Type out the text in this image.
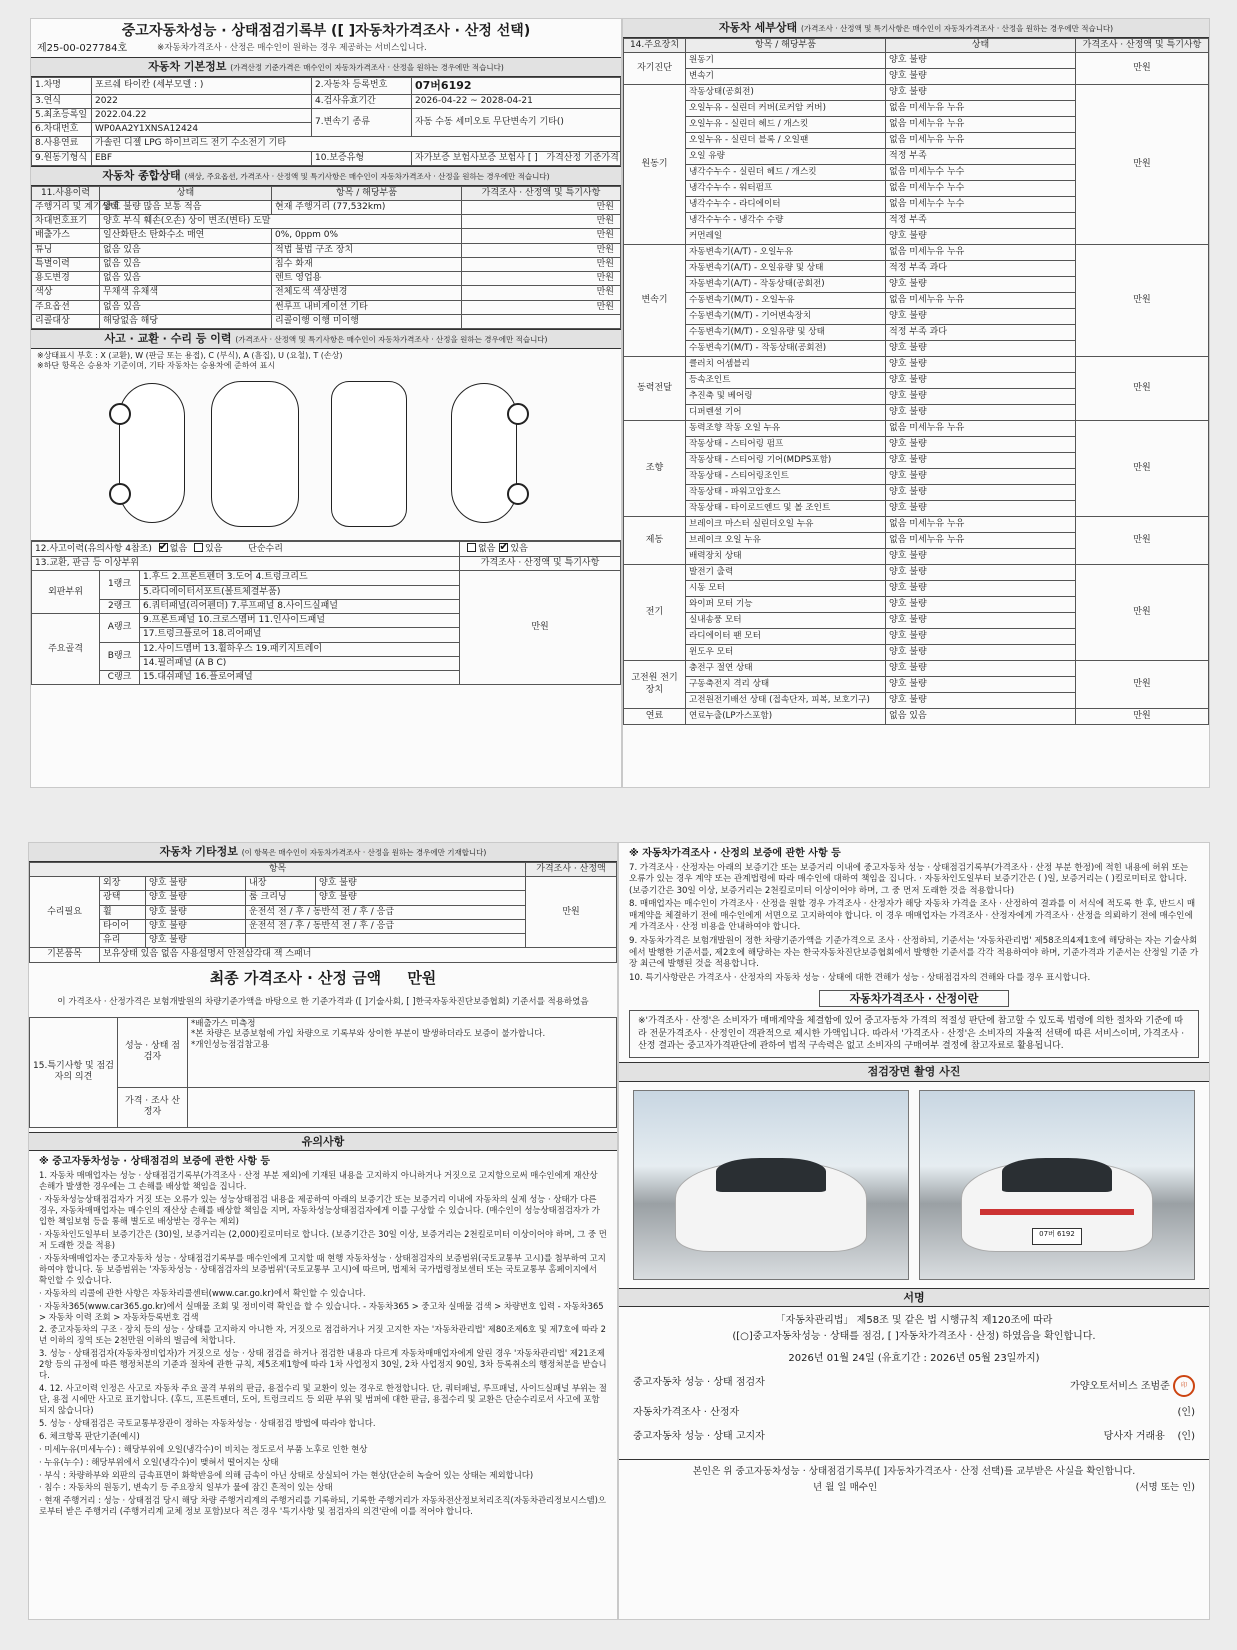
중고자동차성능 · 상태점검기록부 ([ ]자동차가격조사 · 산정 선택)
제25-00-027784호	※자동차가격조사 · 산정은 매수인이 원하는 경우 제공하는 서비스입니다.
자동차 기본정보 (가격산정 기준가격은 매수인이 자동차가격조사 · 산정을 원하는 경우에만 적습니다)
1.차명	포르쉐 타이칸 (세부모델 : )	2.자동차 등록번호	07버6192
3.연식	2022	4.검사유효기간	2026-04-22 ~ 2028-04-21
5.최초등록일	2022.04.22	7.변속기 종류	자동 수동 세미오토 무단변속기 기타()
6.차대번호	WP0AA2Y1XNSA12424		
8.사용연료	가솔린 디젤 LPG 하이브리드 전기 수소전기 기타		
9.원동기형식	EBF	10.보증유형	자가보증 보험사보증 보험사 [ ] 가격산정 기준가격
자동차 종합상태 (색상, 주요옵션, 가격조사 · 산정액 및 특기사항은 매수인이 자동차가격조사 · 산정을 원하는 경우에만 적습니다)
11.사용이력	상태	항목 / 해당부품	가격조사 · 산정액 및 특기사항
주행거리 및 계기상태	양호 불량 많음 보통 적음	현재 주행거리 (77,532km)	만원
차대번호표기	양호 부식 훼손(오손) 상이 변조(변타) 도말		만원
배출가스	일산화탄소 탄화수소 매연	0%, 0ppm 0%	만원
튜닝	없음 있음	적법 불법 구조 장치	만원
특별이력	없음 있음	침수 화재	만원
용도변경	없음 있음	렌트 영업용	만원
색상	무채색 유채색	전체도색 색상변경	만원
주요옵션	없음 있음	썬루프 내비게이션 기타	만원
리콜대상	해당없음 해당	리콜이행 이행 미이행	
사고 · 교환 · 수리 등 이력 (가격조사 · 산정액 및 특기사항은 매수인이 자동차가격조사 · 산정을 원하는 경우에만 적습니다)
※상태표시 부호 : X (교환), W (판금 또는 용접), C (부식), A (흠집), U (요철), T (손상)
※하단 항목은 승용차 기준이며, 기타 자동차는 승용차에 준하여 표시
12.사고이력(유의사항 4참조) ✔ 없음 있음 단순수리			없음 ✔ 있음
13.교환, 판금 등 이상부위			가격조사 · 산정액 및 특기사항
외판부위	1랭크	1.후드 2.프론트펜더 3.도어 4.트렁크리드	만원
		5.라디에이터서포트(볼트체결부품)	
	2랭크	6.쿼터패널(리어펜더) 7.루프패널 8.사이드실패널	
주요골격	A랭크	9.프론트패널 10.크로스멤버 11.인사이드패널	
		17.트렁크플로어 18.리어패널	
	B랭크	12.사이드멤버 13.휠하우스 19.패키지트레이	
		14.필러패널 (A B C)	
	C랭크	15.대쉬패널 16.플로어패널	
자동차 세부상태 (가격조사 · 산정액 및 특기사항은 매수인이 자동차가격조사 · 산정을 원하는 경우에만 적습니다)
14.주요장치	항목 / 해당부품	상태	가격조사 · 산정액 및 특기사항
자기진단	원동기	양호 불량	만원
	변속기	양호 불량	
원동기	작동상태(공회전)	양호 불량	만원
	오일누유 - 실린더 커버(로커암 커버)	없음 미세누유 누유	
	오일누유 - 실린더 헤드 / 개스킷	없음 미세누유 누유	
	오일누유 - 실린더 블록 / 오일팬	없음 미세누유 누유	
	오일 유량	적정 부족	
	냉각수누수 - 실린더 헤드 / 개스킷	없음 미세누수 누수	
	냉각수누수 - 워터펌프	없음 미세누수 누수	
	냉각수누수 - 라디에이터	없음 미세누수 누수	
	냉각수누수 - 냉각수 수량	적정 부족	
	커먼레일	양호 불량	
변속기	자동변속기(A/T) - 오일누유	없음 미세누유 누유	만원
	자동변속기(A/T) - 오일유량 및 상태	적정 부족 과다	
	자동변속기(A/T) - 작동상태(공회전)	양호 불량	
	수동변속기(M/T) - 오일누유	없음 미세누유 누유	
	수동변속기(M/T) - 기어변속장치	양호 불량	
	수동변속기(M/T) - 오일유량 및 상태	적정 부족 과다	
	수동변속기(M/T) - 작동상태(공회전)	양호 불량	
동력전달	클러치 어셈블리	양호 불량	만원
	등속조인트	양호 불량	
	추진축 및 베어링	양호 불량	
	디퍼렌셜 기어	양호 불량	
조향	동력조향 작동 오일 누유	없음 미세누유 누유	만원
	작동상태 - 스티어링 펌프	양호 불량	
	작동상태 - 스티어링 기어(MDPS포함)	양호 불량	
	작동상태 - 스티어링조인트	양호 불량	
	작동상태 - 파워고압호스	양호 불량	
	작동상태 - 타이로드엔드 및 볼 조인트	양호 불량	
제동	브레이크 마스터 실린더오일 누유	없음 미세누유 누유	만원
	브레이크 오일 누유	없음 미세누유 누유	
	배력장치 상태	양호 불량	
전기	발전기 출력	양호 불량	만원
	시동 모터	양호 불량	
	와이퍼 모터 기능	양호 불량	
	실내송풍 모터	양호 불량	
	라디에이터 팬 모터	양호 불량	
	윈도우 모터	양호 불량	
고전원 전기장치	충전구 절연 상태	양호 불량	만원
	구동축전지 격리 상태	양호 불량	
	고전원전기배선 상태 (접속단자, 피복, 보호기구)	양호 불량	
연료	연료누출(LP가스포함)	없음 있음	만원
자동차 기타정보 (이 항목은 매수인이 자동차가격조사 · 산정을 원하는 경우에만 기재합니다)
항목					가격조사 · 산정액
수리필요	외장	양호 불량	내장	양호 불량	만원
	광택	양호 불량	룸 크리닝	양호 불량	
	휠	양호 불량	운전석 전 / 후 / 동반석 전 / 후 / 응급		
	타이어	양호 불량	운전석 전 / 후 / 동반석 전 / 후 / 응급		
	유리	양호 불량			
기본품목	보유상태 있음 없음 사용설명서 안전삼각대 잭 스패너				
최종 가격조사 · 산정 금액 만원
이 가격조사 · 산정가격은 보험개발원의 차량기준가액을 바탕으로 한 기준가격과 ([ ]기술사회, [ ]한국자동차진단보증협회) 기준서를 적용하였음
15.특기사항 및 점검자의 의견	성능 · 상태 점검자	*배출가스 미측정
*본 차량은 보증보험에 가입 차량으로 기록부와 상이한 부분이 발생하더라도 보증이 불가합니다.
*개인성능점검참고용
	가격 · 조사 산정자	
유의사항

※ 중고자동차성능 · 상태점검의 보증에 관한 사항 등

1. 자동차 매매업자는 성능 · 상태점검기록부(가격조사 · 산정 부분 제외)에 기재된 내용을 고지하지 아니하거나 거짓으로 고지함으로써 매수인에게 재산상 손해가 발생한 경우에는 그 손해를 배상할 책임을 집니다.

· 자동차성능상태점검자가 거짓 또는 오류가 있는 성능상태점검 내용을 제공하여 아래의 보증기간 또는 보증거리 이내에 자동차의 실제 성능 · 상태가 다른 경우, 자동차매매업자는 매수인의 재산상 손해를 배상할 책임을 지며, 자동차성능상태점검자에게 이를 구상할 수 있습니다. (매수인이 성능상태점검자가 가입한 책임보험 등을 통해 별도로 배상받는 경우는 제외)

· 자동차인도일부터 보증기간은 (30)일, 보증거리는 (2,000)킬로미터로 합니다. (보증기간은 30일 이상, 보증거리는 2천킬로미터 이상이어야 하며, 그 중 먼저 도래한 것을 적용)

· 자동차매매업자는 중고자동차 성능 · 상태점검기록부를 매수인에게 고지할 때 현행 자동차성능 · 상태점검자의 보증범위(국토교통부 고시)를 첨부하여 고지하여야 합니다. 동 보증범위는 '자동차성능 · 상태점검자의 보증범위'(국토교통부 고시)에 따르며, 법제처 국가법령정보센터 또는 국토교통부 홈페이지에서 확인할 수 있습니다.

· 자동차의 리콜에 관한 사항은 자동차리콜센터(www.car.go.kr)에서 확인할 수 있습니다.

· 자동차365(www.car365.go.kr)에서 실매물 조회 및 정비이력 확인을 할 수 있습니다. - 자동차365 > 중고차 실매물 검색 > 차량번호 입력 - 자동차365 > 자동차 이력 조회 > 자동차등록번호 검색

2. 중고자동차의 구조 · 장치 등의 성능 · 상태를 고지하지 아니한 자, 거짓으로 점검하거나 거짓 고지한 자는 '자동차관리법' 제80조제6호 및 제7호에 따라 2년 이하의 징역 또는 2천만원 이하의 벌금에 처합니다.

3. 성능 · 상태점검자(자동차정비업자)가 거짓으로 성능 · 상태 점검을 하거나 점검한 내용과 다르게 자동차매매업자에게 알린 경우 '자동차관리법' 제21조제2항 등의 규정에 따른 행정처분의 기준과 절차에 관한 규칙, 제5조제1항에 따라 1차 사업정지 30일, 2차 사업정지 90일, 3차 등록취소의 행정처분을 받습니다.

4. 12. 사고이력 인정은 사고로 자동차 주요 골격 부위의 판금, 용접수리 및 교환이 있는 경우로 한정합니다. 단, 쿼터패널, 루프패널, 사이드실패널 부위는 절단, 용접 시에만 사고로 표기합니다. (후드, 프론트펜더, 도어, 트렁크리드 등 외판 부위 및 범퍼에 대한 판금, 용접수리 및 교환은 단순수리로서 사고에 포함되지 않습니다)

5. 성능 · 상태점검은 국토교통부장관이 정하는 자동차성능 · 상태점검 방법에 따라야 합니다.

6. 체크항목 판단기준(예시)

· 미세누유(미세누수) : 해당부위에 오일(냉각수)이 비치는 정도로서 부품 노후로 인한 현상

· 누유(누수) : 해당부위에서 오일(냉각수)이 맺혀서 떨어지는 상태

· 부식 : 차량하부와 외판의 금속표면이 화학반응에 의해 금속이 아닌 상태로 상실되어 가는 현상(단순히 녹슬어 있는 상태는 제외합니다)

· 침수 : 자동차의 원동기, 변속기 등 주요장치 일부가 물에 잠긴 흔적이 있는 상태

· 현재 주행거리 : 성능 · 상태점검 당시 해당 차량 주행거리계의 주행거리를 기록하되, 기록한 주행거리가 자동차전산정보처리조직(자동차관리정보시스템)으로부터 받은 주행거리 (주행거리계 교체 정보 포함)보다 적은 경우 '특기사항 및 점검자의 의견'란에 이를 적어야 합니다.

※ 자동차가격조사 · 산정의 보증에 관한 사항 등

7. 가격조사 · 산정자는 아래의 보증기간 또는 보증거리 이내에 중고자동차 성능 · 상태점검기록부(가격조사 · 산정 부분 한정)에 적힌 내용에 허위 또는 오류가 있는 경우 계약 또는 관계법령에 따라 매수인에 대하여 책임을 집니다. · 자동차인도일부터 보증기간은 ( )일, 보증거리는 ( )킬로미터로 합니다. (보증기간은 30일 이상, 보증거리는 2천킬로미터 이상이어야 하며, 그 중 먼저 도래한 것을 적용합니다)

8. 매매업자는 매수인이 가격조사 · 산정을 원할 경우 가격조사 · 산정자가 해당 자동차 가격을 조사 · 산정하여 결과를 이 서식에 적도록 한 후, 반드시 매매계약을 체결하기 전에 매수인에게 서면으로 고지하여야 합니다. 이 경우 매매업자는 가격조사 · 산정자에게 가격조사 · 산정을 의뢰하기 전에 매수인에게 가격조사 · 산정 비용을 안내하여야 합니다.

9. 자동차가격은 보험개발원이 정한 차량기준가액을 기준가격으로 조사 · 산정하되, 기준서는 '자동차관리법' 제58조의4제1호에 해당하는 자는 기술사회에서 발행한 기준서를, 제2호에 해당하는 자는 한국자동차진단보증협회에서 발행한 기준서를 각각 적용하여야 하며, 기준가격과 기준서는 산정일 기준 가장 최근에 발행된 것을 적용합니다.

10. 특기사항란은 가격조사 · 산정자의 자동차 성능 · 상태에 대한 견해가 성능 · 상태점검자의 견해와 다를 경우 표시합니다.

자동차가격조사 · 산정이란
※'가격조사 · 산정'은 소비자가 매매계약을 체결함에 있어 중고자동차 가격의 적절성 판단에 참고할 수 있도록 법령에 의한 절차와 기준에 따라 전문가격조사 · 산정인이 객관적으로 제시한 가액입니다. 따라서 '가격조사 · 산정'은 소비자의 자율적 선택에 따른 서비스이며, 가격조사 · 산정 결과는 중고자가격판단에 관하여 법적 구속력은 없고 소비자의 구매여부 결정에 참고자료로 활용됩니다.
점검장면 촬영 사진
07버 6192
서명
「자동차관리법」 제58조 및 같은 법 시행규칙 제120조에 따라
([○]중고자동차성능 · 상태를 점검, [ ]자동차가격조사 · 산정) 하였음을 확인합니다.
2026년 01월 24일 (유효기간 : 2026년 05월 23일까지)
중고자동차 성능 · 상태 점검자	가양오토서비스 조범준 印
자동차가격조사 · 산정자	(인)
중고자동차 성능 · 상태 고지자	당사자 거래용 (인)
본인은 위 중고자동차성능 · 상태점검기록부([ ]자동차가격조사 · 산정 선택)를 교부받은 사실을 확인합니다.
년 월 일 매수인	(서명 또는 인)
